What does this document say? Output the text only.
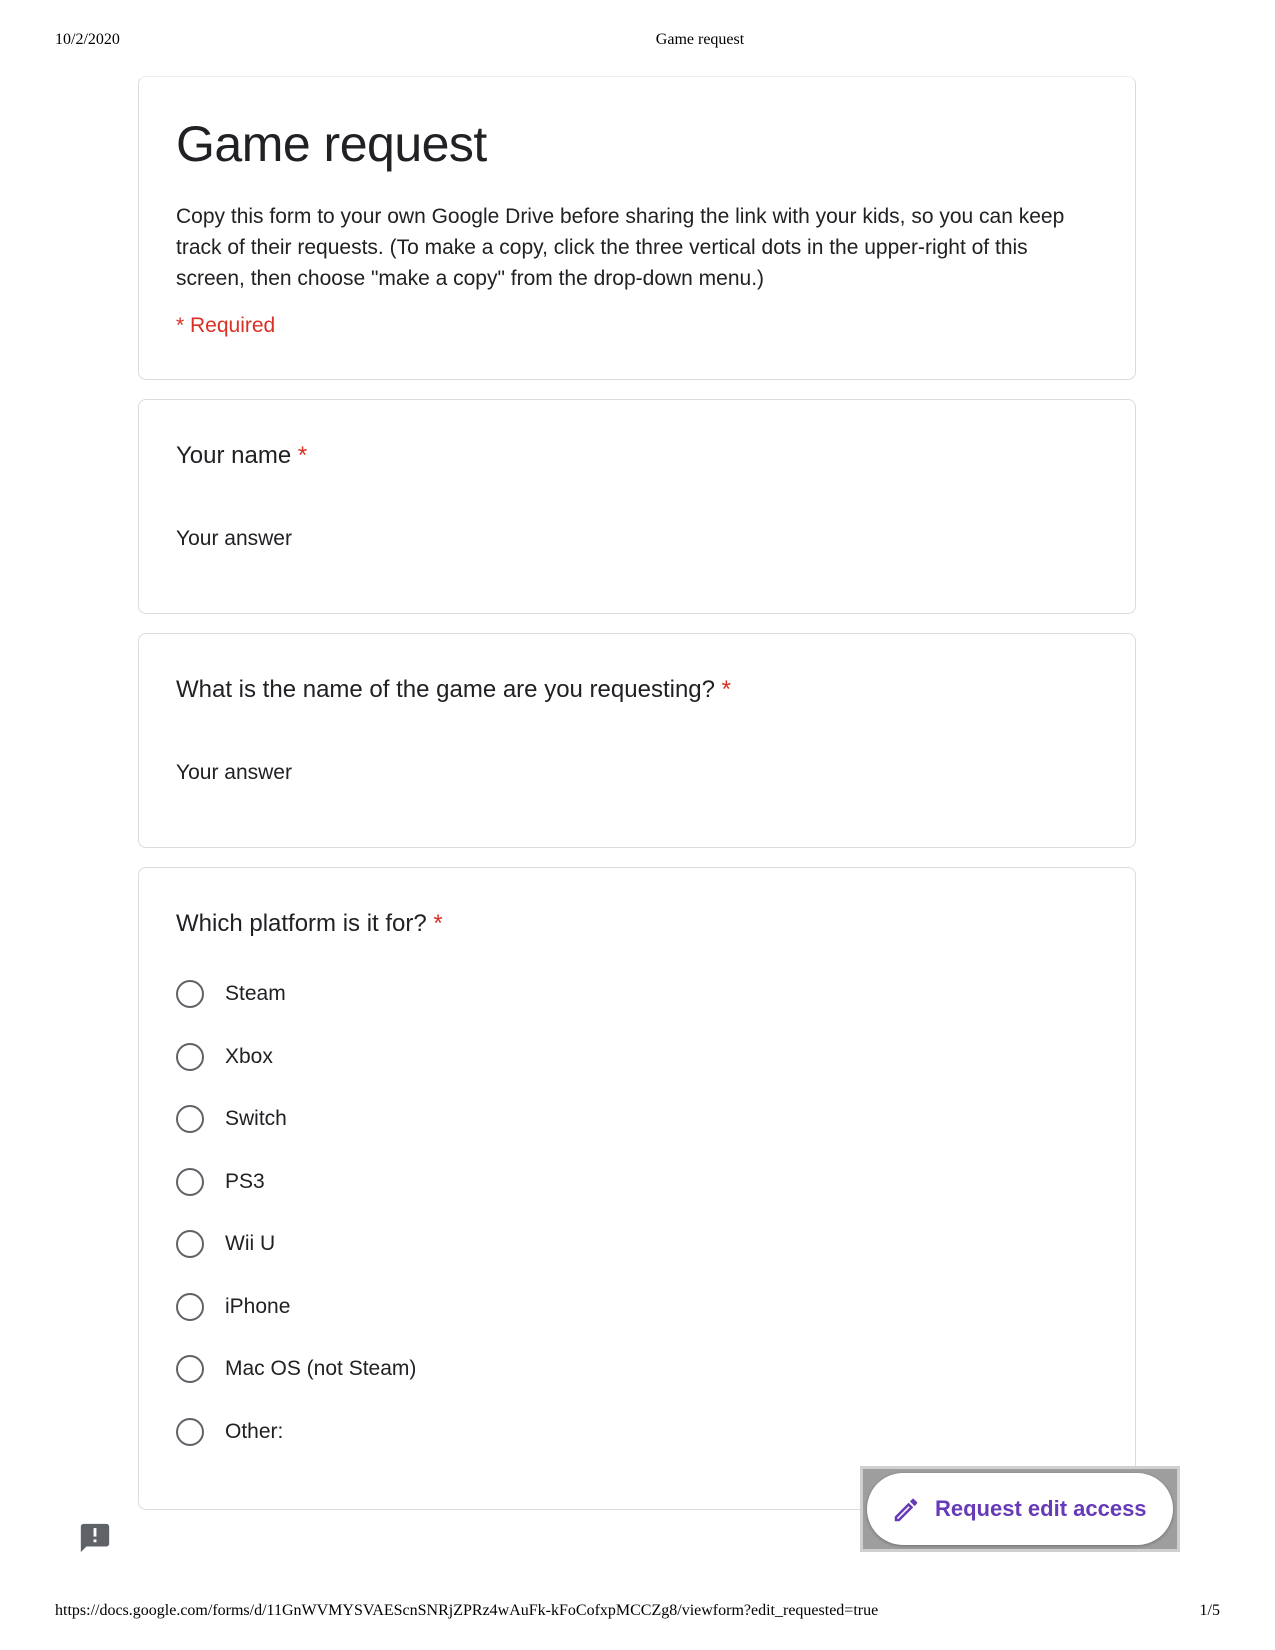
10/2/2020	Game request
Game request

Copy this form to your own Google Drive before sharing the link with your kids, so you can keep track of their requests. (To make a copy, click the three vertical dots in the upper-right of this screen, then choose "make a copy" from the drop-down menu.)

* Required
Your name *
Your answer
What is the name of the game are you requesting? *
Your answer
Which platform is it for? *
Steam
Xbox
Switch
PS3
Wii U
iPhone
Mac OS (not Steam)
Other:
Request edit access
https://docs.google.com/forms/d/11GnWVMYSVAEScnSNRjZPRz4wAuFk-kFoCofxpMCCZg8/viewform?edit_requested=true	1/5
